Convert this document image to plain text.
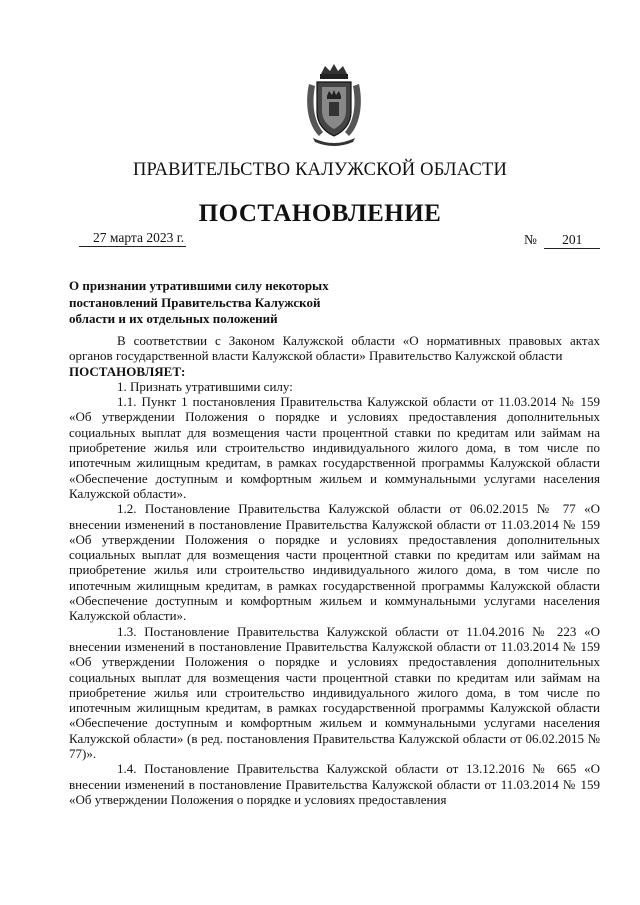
ПРАВИТЕЛЬСТВО КАЛУЖСКОЙ ОБЛАСТИ
ПОСТАНОВЛЕНИЕ
27 марта 2023 г.	№ 201
О признании утратившими силу некоторых постановлений Правительства Калужской области и их отдельных положений

В соответствии с Законом Калужской области «О нормативных правовых актах органов государственной власти Калужской области» Правительство Калужской области

ПОСТАНОВЛЯЕТ:

1. Признать утратившими силу:

1.1. Пункт 1 постановления Правительства Калужской области от 11.03.2014 № 159 «Об утверждении Положения о порядке и условиях предоставления дополнительных социальных выплат для возмещения части процентной ставки по кредитам или займам на приобретение жилья или строительство индивидуального жилого дома, в том числе по ипотечным жилищным кредитам, в рамках государственной программы Калужской области «Обеспечение доступным и комфортным жильем и коммунальными услугами населения Калужской области».

1.2. Постановление Правительства Калужской области от 06.02.2015 № 77 «О внесении изменений в постановление Правительства Калужской области от 11.03.2014 № 159 «Об утверждении Положения о порядке и условиях предоставления дополнительных социальных выплат для возмещения части процентной ставки по кредитам или займам на приобретение жилья или строительство индивидуального жилого дома, в том числе по ипотечным жилищным кредитам, в рамках государственной программы Калужской области «Обеспечение доступным и комфортным жильем и коммунальными услугами населения Калужской области».

1.3. Постановление Правительства Калужской области от 11.04.2016 № 223 «О внесении изменений в постановление Правительства Калужской области от 11.03.2014 № 159 «Об утверждении Положения о порядке и условиях предоставления дополнительных социальных выплат для возмещения части процентной ставки по кредитам или займам на приобретение жилья или строительство индивидуального жилого дома, в том числе по ипотечным жилищным кредитам, в рамках государственной программы Калужской области «Обеспечение доступным и комфортным жильем и коммунальными услугами населения Калужской области» (в ред. постановления Правительства Калужской области от 06.02.2015 № 77)».

1.4. Постановление Правительства Калужской области от 13.12.2016 № 665 «О внесении изменений в постановление Правительства Калужской области от 11.03.2014 № 159 «Об утверждении Положения о порядке и условиях предоставления
